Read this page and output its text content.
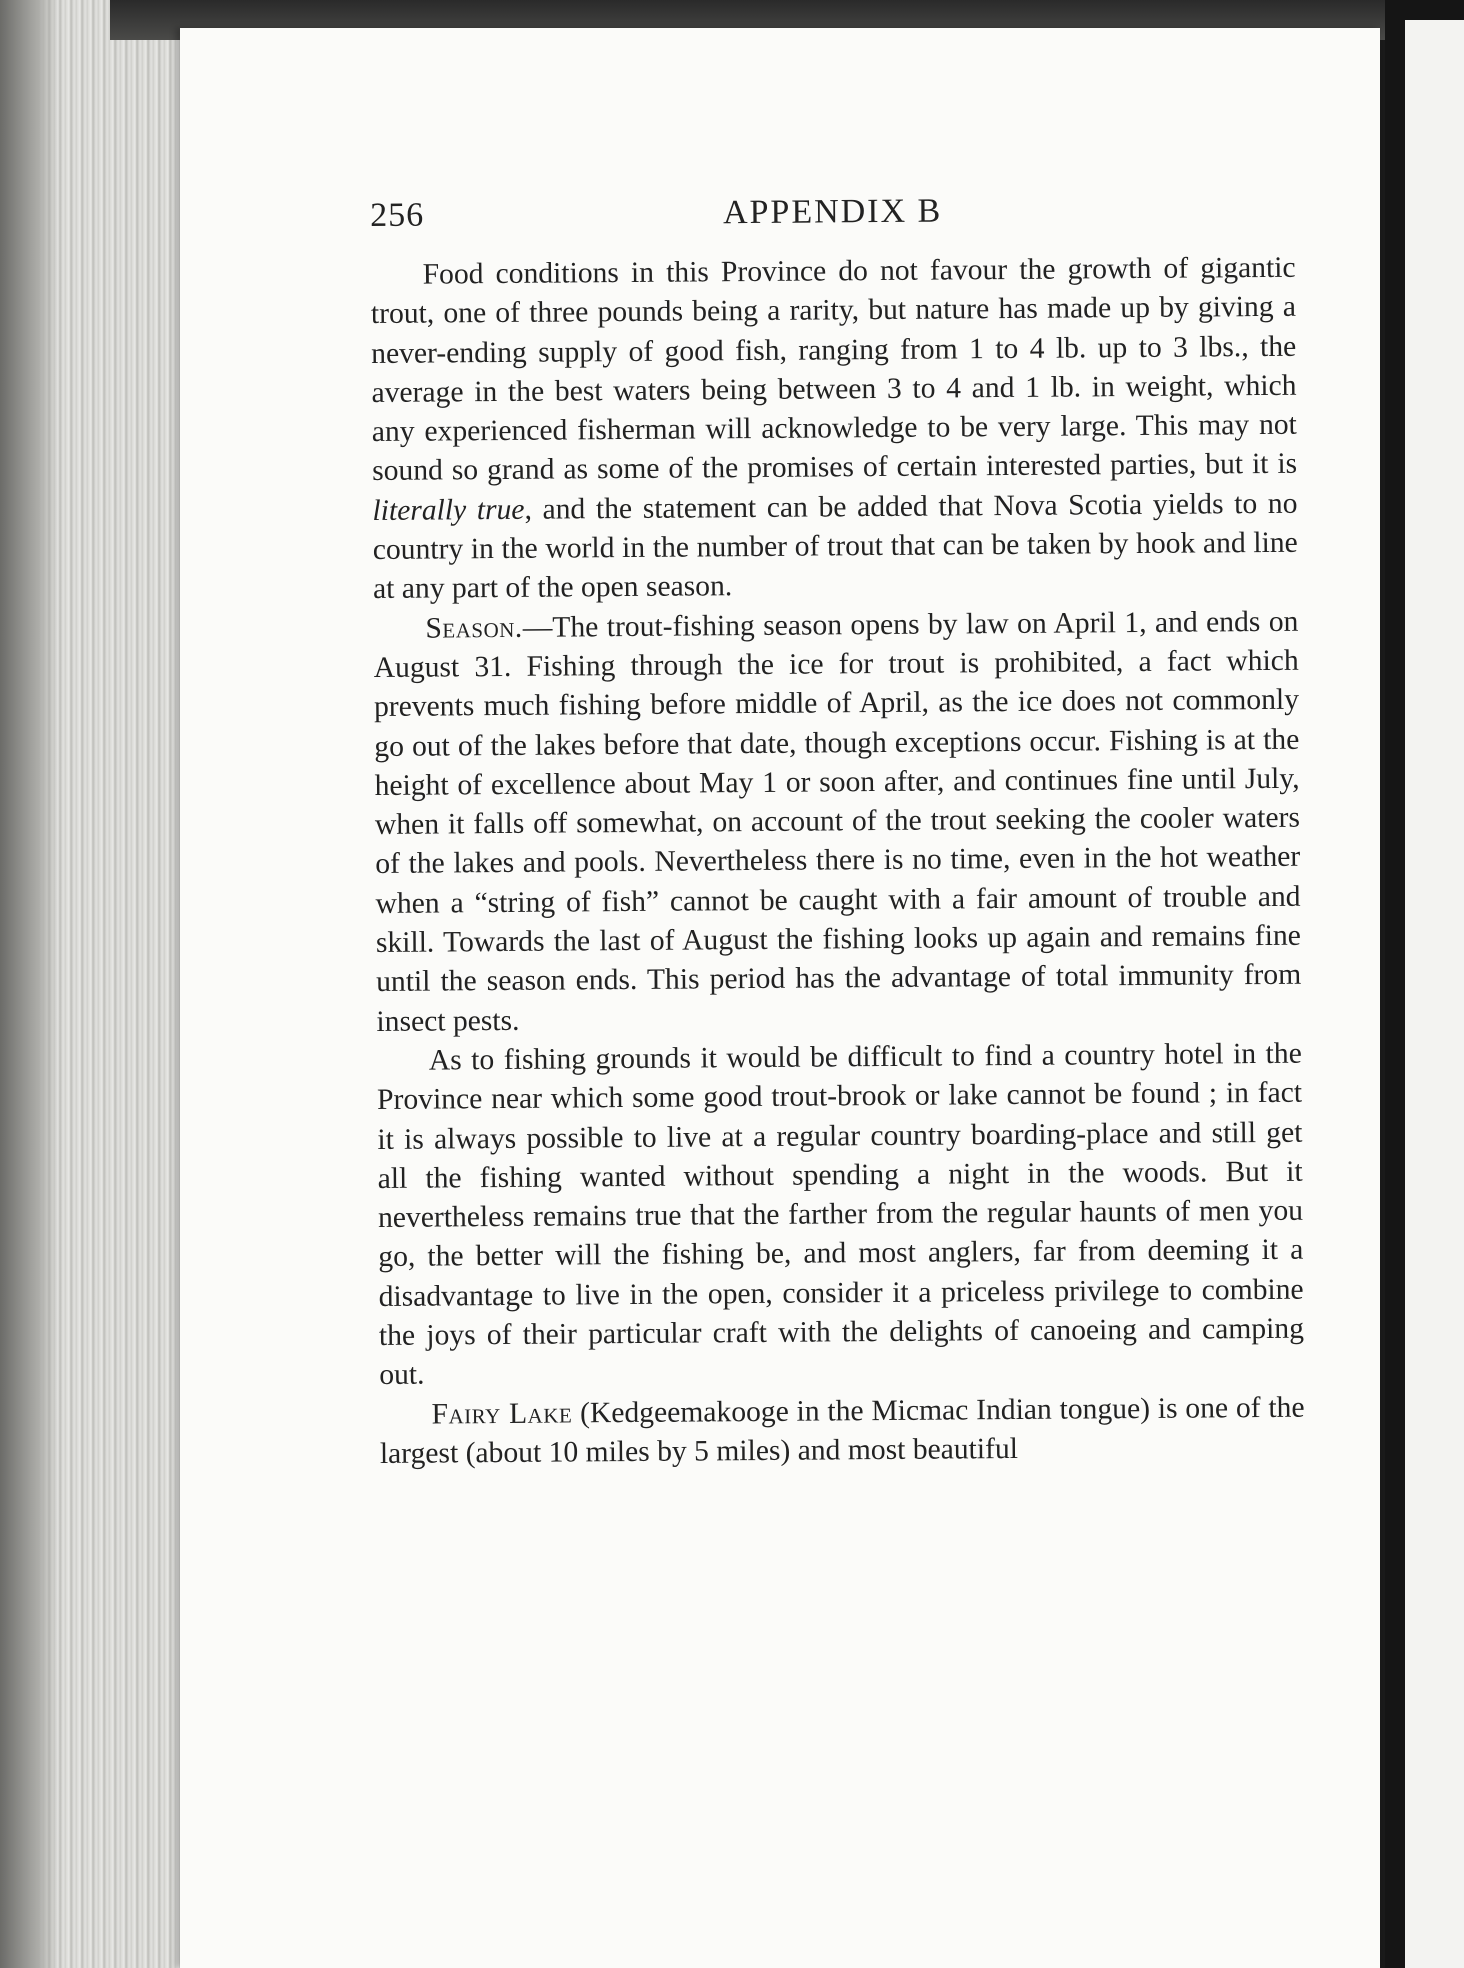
256	APPENDIX B

Food conditions in this Province do not favour the growth of gigantic trout, one of three pounds being a rarity, but nature has made up by giving a never-ending supply of good fish, ranging from 1 to 4 lb. up to 3 lbs., the average in the best waters being between 3 to 4 and 1 lb. in weight, which any experienced fisherman will acknowledge to be very large. This may not sound so grand as some of the promises of certain interested parties, but it is literally true, and the statement can be added that Nova Scotia yields to no country in the world in the number of trout that can be taken by hook and line at any part of the open season.

Season.—The trout-fishing season opens by law on April 1, and ends on August 31. Fishing through the ice for trout is prohibited, a fact which prevents much fishing before middle of April, as the ice does not commonly go out of the lakes before that date, though exceptions occur. Fishing is at the height of excellence about May 1 or soon after, and continues fine until July, when it falls off somewhat, on account of the trout seeking the cooler waters of the lakes and pools. Nevertheless there is no time, even in the hot weather when a “string of fish” cannot be caught with a fair amount of trouble and skill. Towards the last of August the fishing looks up again and remains fine until the season ends. This period has the advantage of total immunity from insect pests.

As to fishing grounds it would be difficult to find a country hotel in the Province near which some good trout-brook or lake cannot be found ; in fact it is always possible to live at a regular country boarding-place and still get all the fishing wanted without spending a night in the woods. But it nevertheless remains true that the farther from the regular haunts of men you go, the better will the fishing be, and most anglers, far from deeming it a disadvantage to live in the open, consider it a priceless privilege to combine the joys of their particular craft with the delights of canoeing and camping out.

Fairy Lake (Kedgeemakooge in the Micmac Indian tongue) is one of the largest (about 10 miles by 5 miles) and most beautiful
